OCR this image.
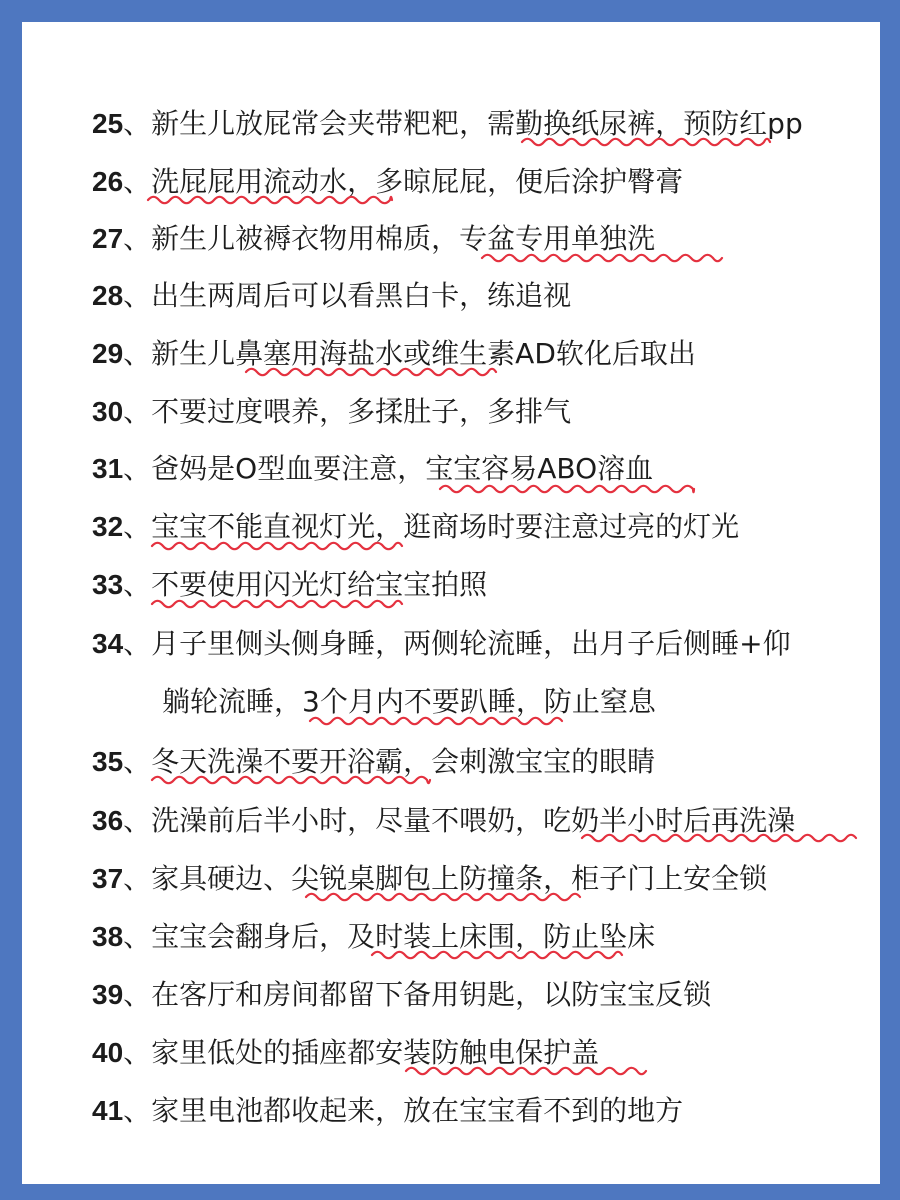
25、新生儿放屁常会夹带粑粑，需勤换纸尿裤，预防红pp
26、洗屁屁用流动水，多晾屁屁，便后涂护臀膏
27、新生儿被褥衣物用棉质，专盆专用单独洗
28、出生两周后可以看黑白卡，练追视
29、新生儿鼻塞用海盐水或维生素AD软化后取出
30、不要过度喂养，多揉肚子，多排气
31、爸妈是O型血要注意，宝宝容易ABO溶血
32、宝宝不能直视灯光，逛商场时要注意过亮的灯光
33、不要使用闪光灯给宝宝拍照
34、月子里侧头侧身睡，两侧轮流睡，出月子后侧睡+仰
躺轮流睡，3个月内不要趴睡，防止窒息
35、冬天洗澡不要开浴霸，会刺激宝宝的眼睛
36、洗澡前后半小时，尽量不喂奶，吃奶半小时后再洗澡
37、家具硬边、尖锐桌脚包上防撞条，柜子门上安全锁
38、宝宝会翻身后，及时装上床围，防止坠床
39、在客厅和房间都留下备用钥匙，以防宝宝反锁
40、家里低处的插座都安装防触电保护盖
41、家里电池都收起来，放在宝宝看不到的地方
